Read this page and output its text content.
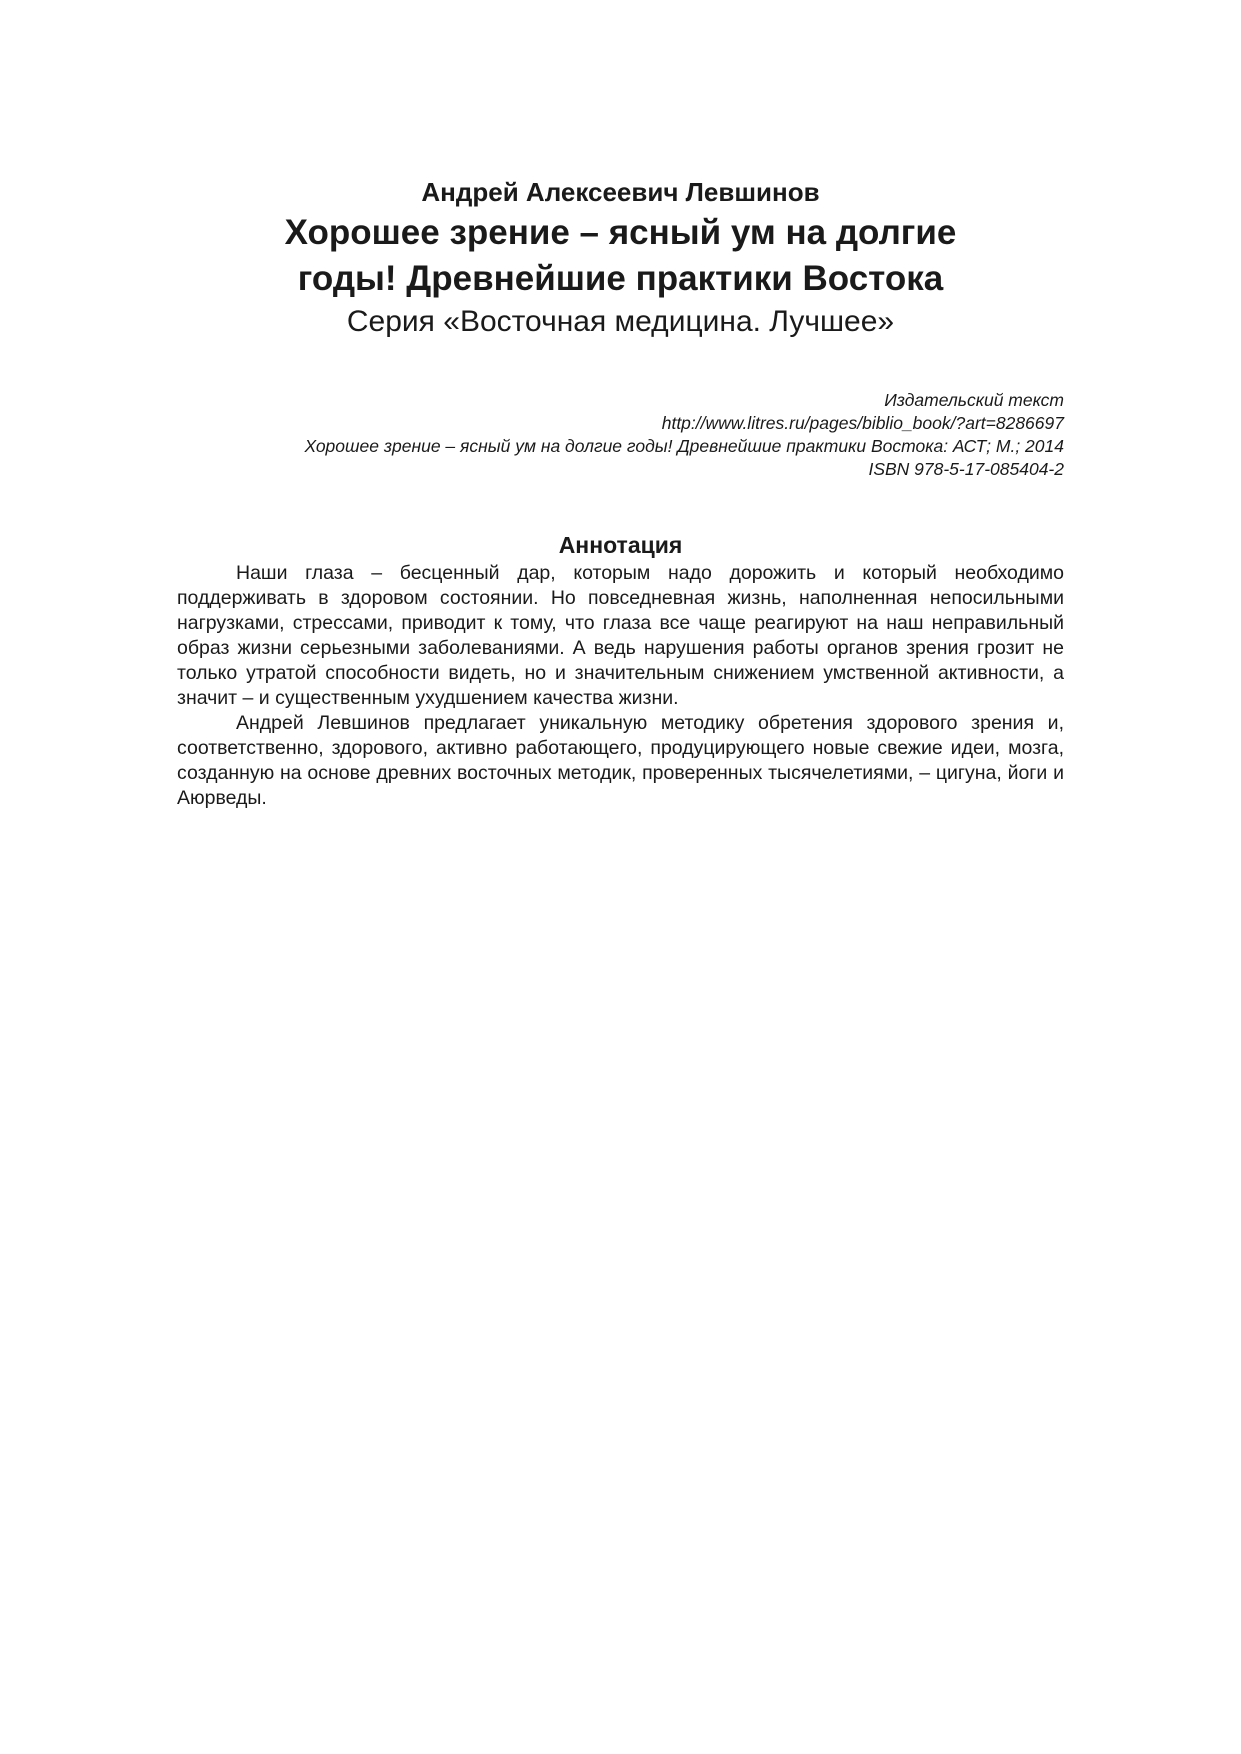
Андрей Алексеевич Левшинов
Хорошее зрение – ясный ум на долгие
годы! Древнейшие практики Востока
Серия «Восточная медицина. Лучшее»
Издательский текст
http://www.litres.ru/pages/biblio_book/?art=8286697
Хорошее зрение – ясный ум на долгие годы! Древнейшие практики Востока: АСТ; М.; 2014
ISBN 978-5-17-085404-2
Аннотация

Наши глаза – бесценный дар, которым надо дорожить и который необходимо поддерживать в здоровом состоянии. Но повседневная жизнь, наполненная непосильными нагрузками, стрессами, приводит к тому, что глаза все чаще реагируют на наш неправильный образ жизни серьезными заболеваниями. А ведь нарушения работы органов зрения грозит не только утратой способности видеть, но и значительным снижением умственной активности, а значит – и существенным ухудшением качества жизни.

Андрей Левшинов предлагает уникальную методику обретения здорового зрения и, соответственно, здорового, активно работающего, продуцирующего новые свежие идеи, мозга, созданную на основе древних восточных методик, проверенных тысячелетиями, – цигуна, йоги и Аюрведы.
